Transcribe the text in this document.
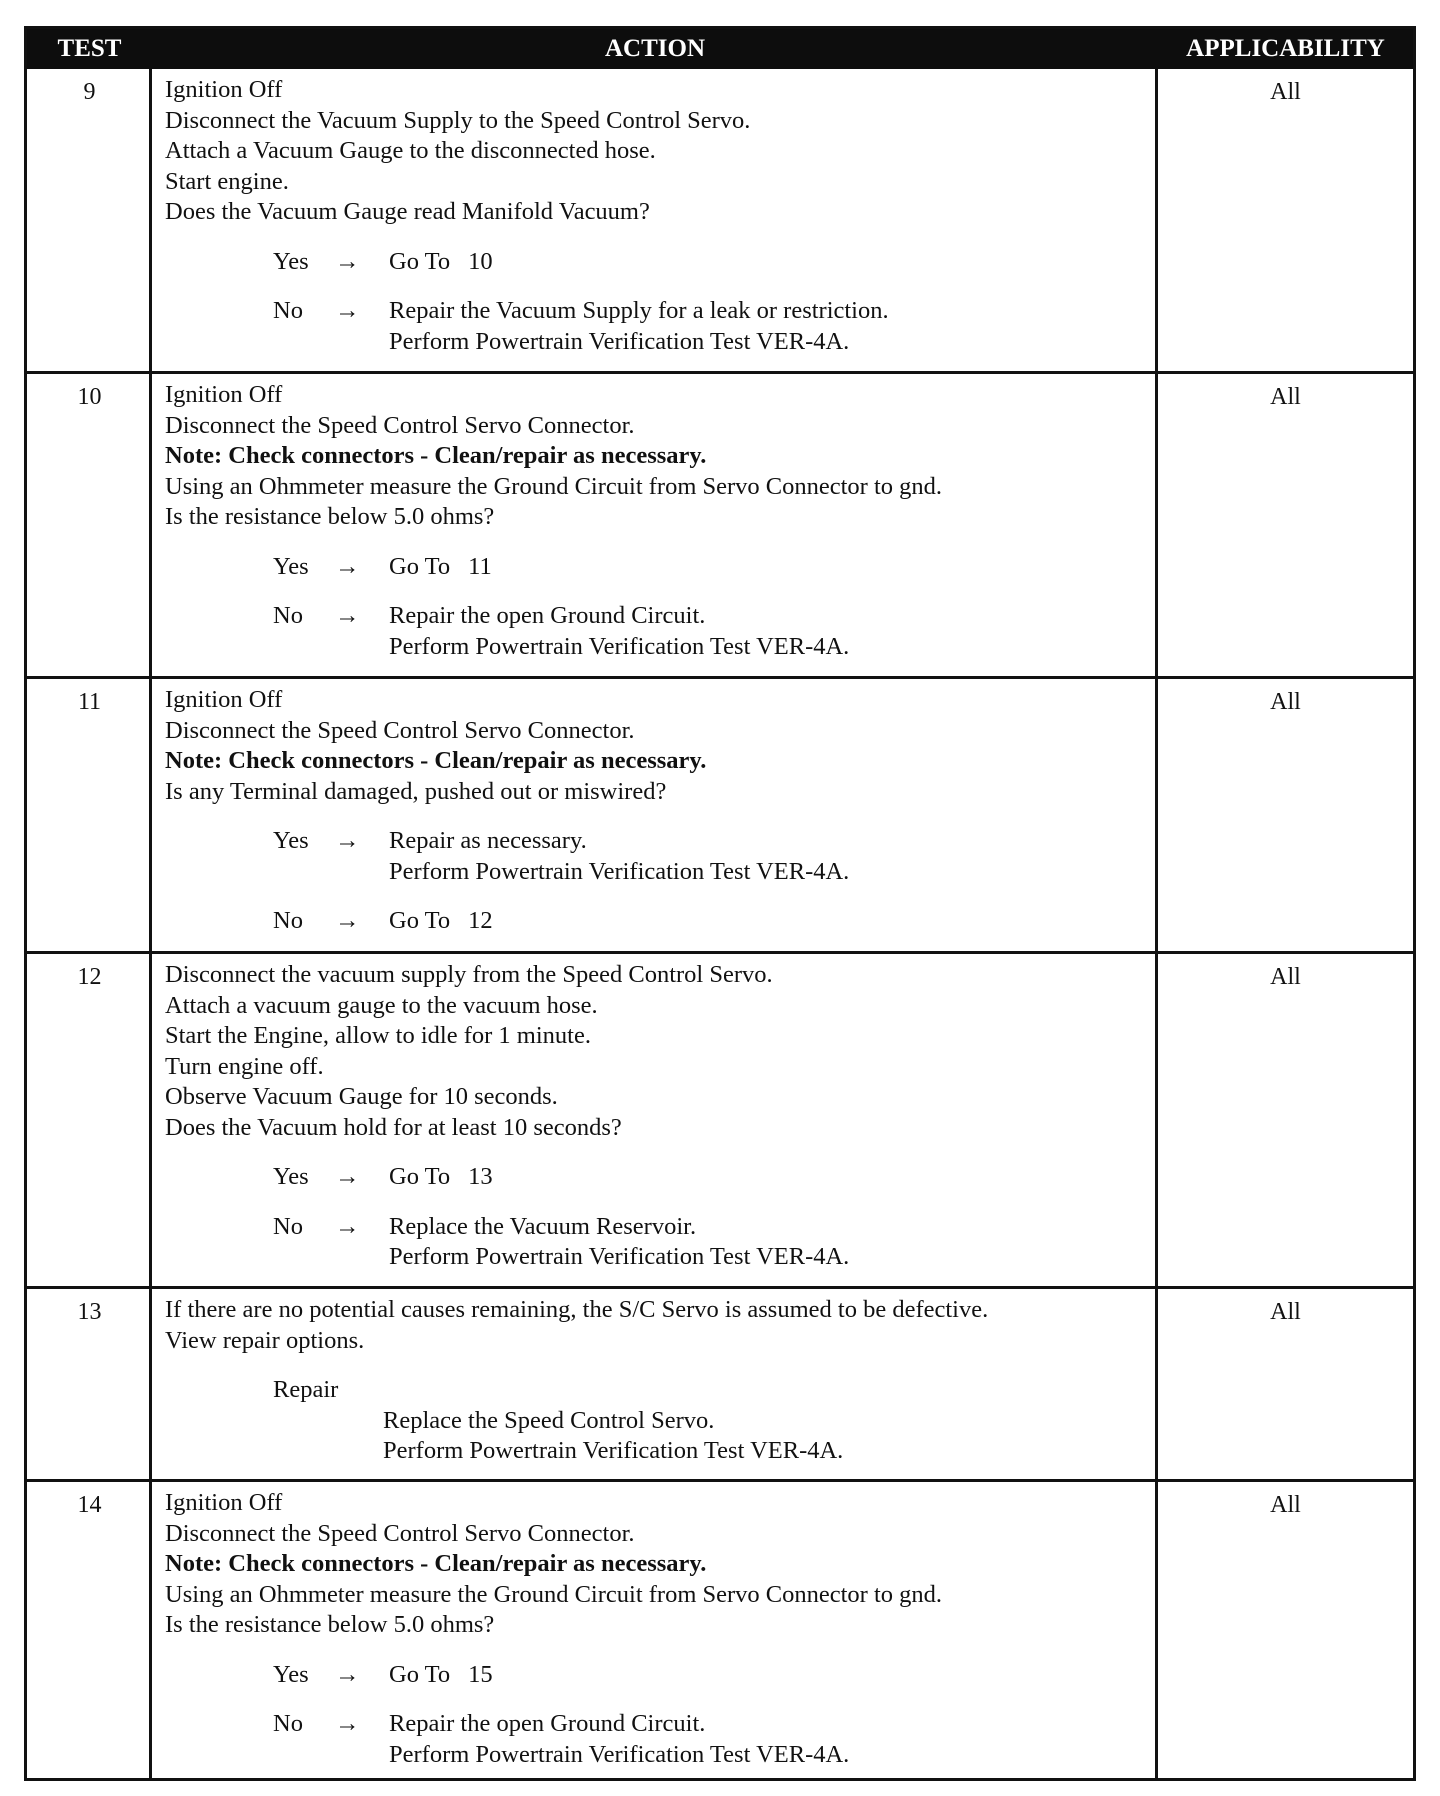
TEST	ACTION	APPLICABILITY
9	Ignition Off

Disconnect the Vacuum Supply to the Speed Control Servo.

Attach a Vacuum Gauge to the disconnected hose.

Start engine.

Does the Vacuum Gauge read Manifold Vacuum?

Yes → Go To 10
No → Repair the Vacuum Supply for a leak or restriction.
Perform Powertrain Verification Test VER-4A.
All
10	Ignition Off

Disconnect the Speed Control Servo Connector.

Note: Check connectors - Clean/repair as necessary.

Using an Ohmmeter measure the Ground Circuit from Servo Connector to gnd.

Is the resistance below 5.0 ohms?

Yes → Go To 11
No → Repair the open Ground Circuit.
Perform Powertrain Verification Test VER-4A.
All
11	Ignition Off

Disconnect the Speed Control Servo Connector.

Note: Check connectors - Clean/repair as necessary.

Is any Terminal damaged, pushed out or miswired?

Yes → Repair as necessary.
Perform Powertrain Verification Test VER-4A.
No → Go To 12
All
12	Disconnect the vacuum supply from the Speed Control Servo.

Attach a vacuum gauge to the vacuum hose.

Start the Engine, allow to idle for 1 minute.

Turn engine off.

Observe Vacuum Gauge for 10 seconds.

Does the Vacuum hold for at least 10 seconds?

Yes → Go To 13
No → Replace the Vacuum Reservoir.
Perform Powertrain Verification Test VER-4A.
All
13	If there are no potential causes remaining, the S/C Servo is assumed to be defective.

View repair options.

Repair

Replace the Speed Control Servo.

Perform Powertrain Verification Test VER-4A.

All
14	Ignition Off

Disconnect the Speed Control Servo Connector.

Note: Check connectors - Clean/repair as necessary.

Using an Ohmmeter measure the Ground Circuit from Servo Connector to gnd.

Is the resistance below 5.0 ohms?

Yes → Go To 15
No → Repair the open Ground Circuit.
Perform Powertrain Verification Test VER-4A.
All
